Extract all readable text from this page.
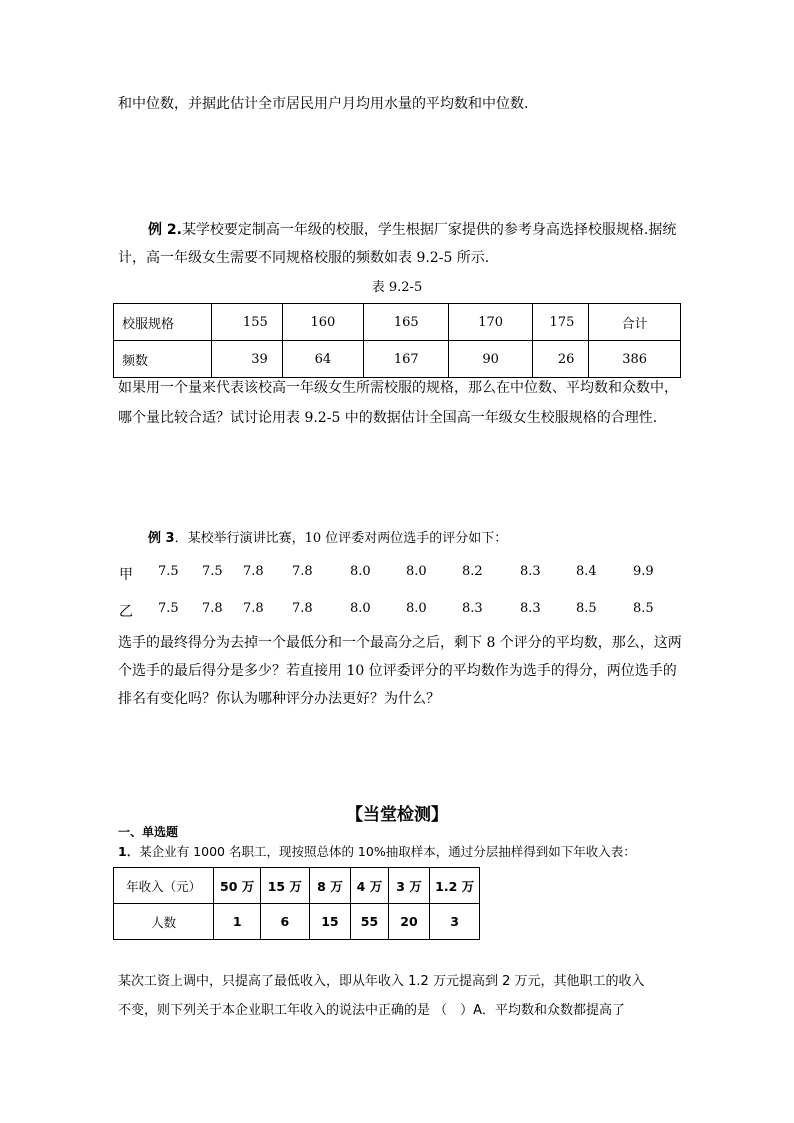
和中位数，并据此估计全市居民用户月均用水量的平均数和中位数.
例 2.某学校要定制高一年级的校服，学生根据厂家提供的参考身高选择校服规格.据统
计，高一年级女生需要不同规格校服的频数如表 9.2-5 所示.
表 9.2-5
校服规格	155	160	165	170	175	合计
频数	39	64	167	90	26	386
如果用一个量来代表该校高一年级女生所需校服的规格，那么在中位数、平均数和众数中，
哪个量比较合适？试讨论用表 9.2-5 中的数据估计全国高一年级女生校服规格的合理性.
例 3．某校举行演讲比赛，10 位评委对两位选手的评分如下：
甲 7.5 7.5 7.8 7.8	8.0	8.0	8.2	8.3	8.4	9.9
乙 7.5 7.8 7.8 7.8	8.0	8.0	8.3	8.3	8.5	8.5
选手的最终得分为去掉一个最低分和一个最高分之后，剩下 8 个评分的平均数，那么，这两
个选手的最后得分是多少？若直接用 10 位评委评分的平均数作为选手的得分，两位选手的
排名有变化吗？你认为哪种评分办法更好？为什么？
【当堂检测】
一、单选题
1．某企业有 1000 名职工，现按照总体的 10%抽取样本，通过分层抽样得到如下年收入表：
年收入（元）	50 万	15 万	8 万	4 万	3 万	1.2 万
人数	1	6	15	55	20	3
某次工资上调中，只提高了最低收入，即从年收入 1.2 万元提高到 2 万元，其他职工的收入
不变，则下列关于本企业职工年收入的说法中正确的是 （　）A．平均数和众数都提高了
